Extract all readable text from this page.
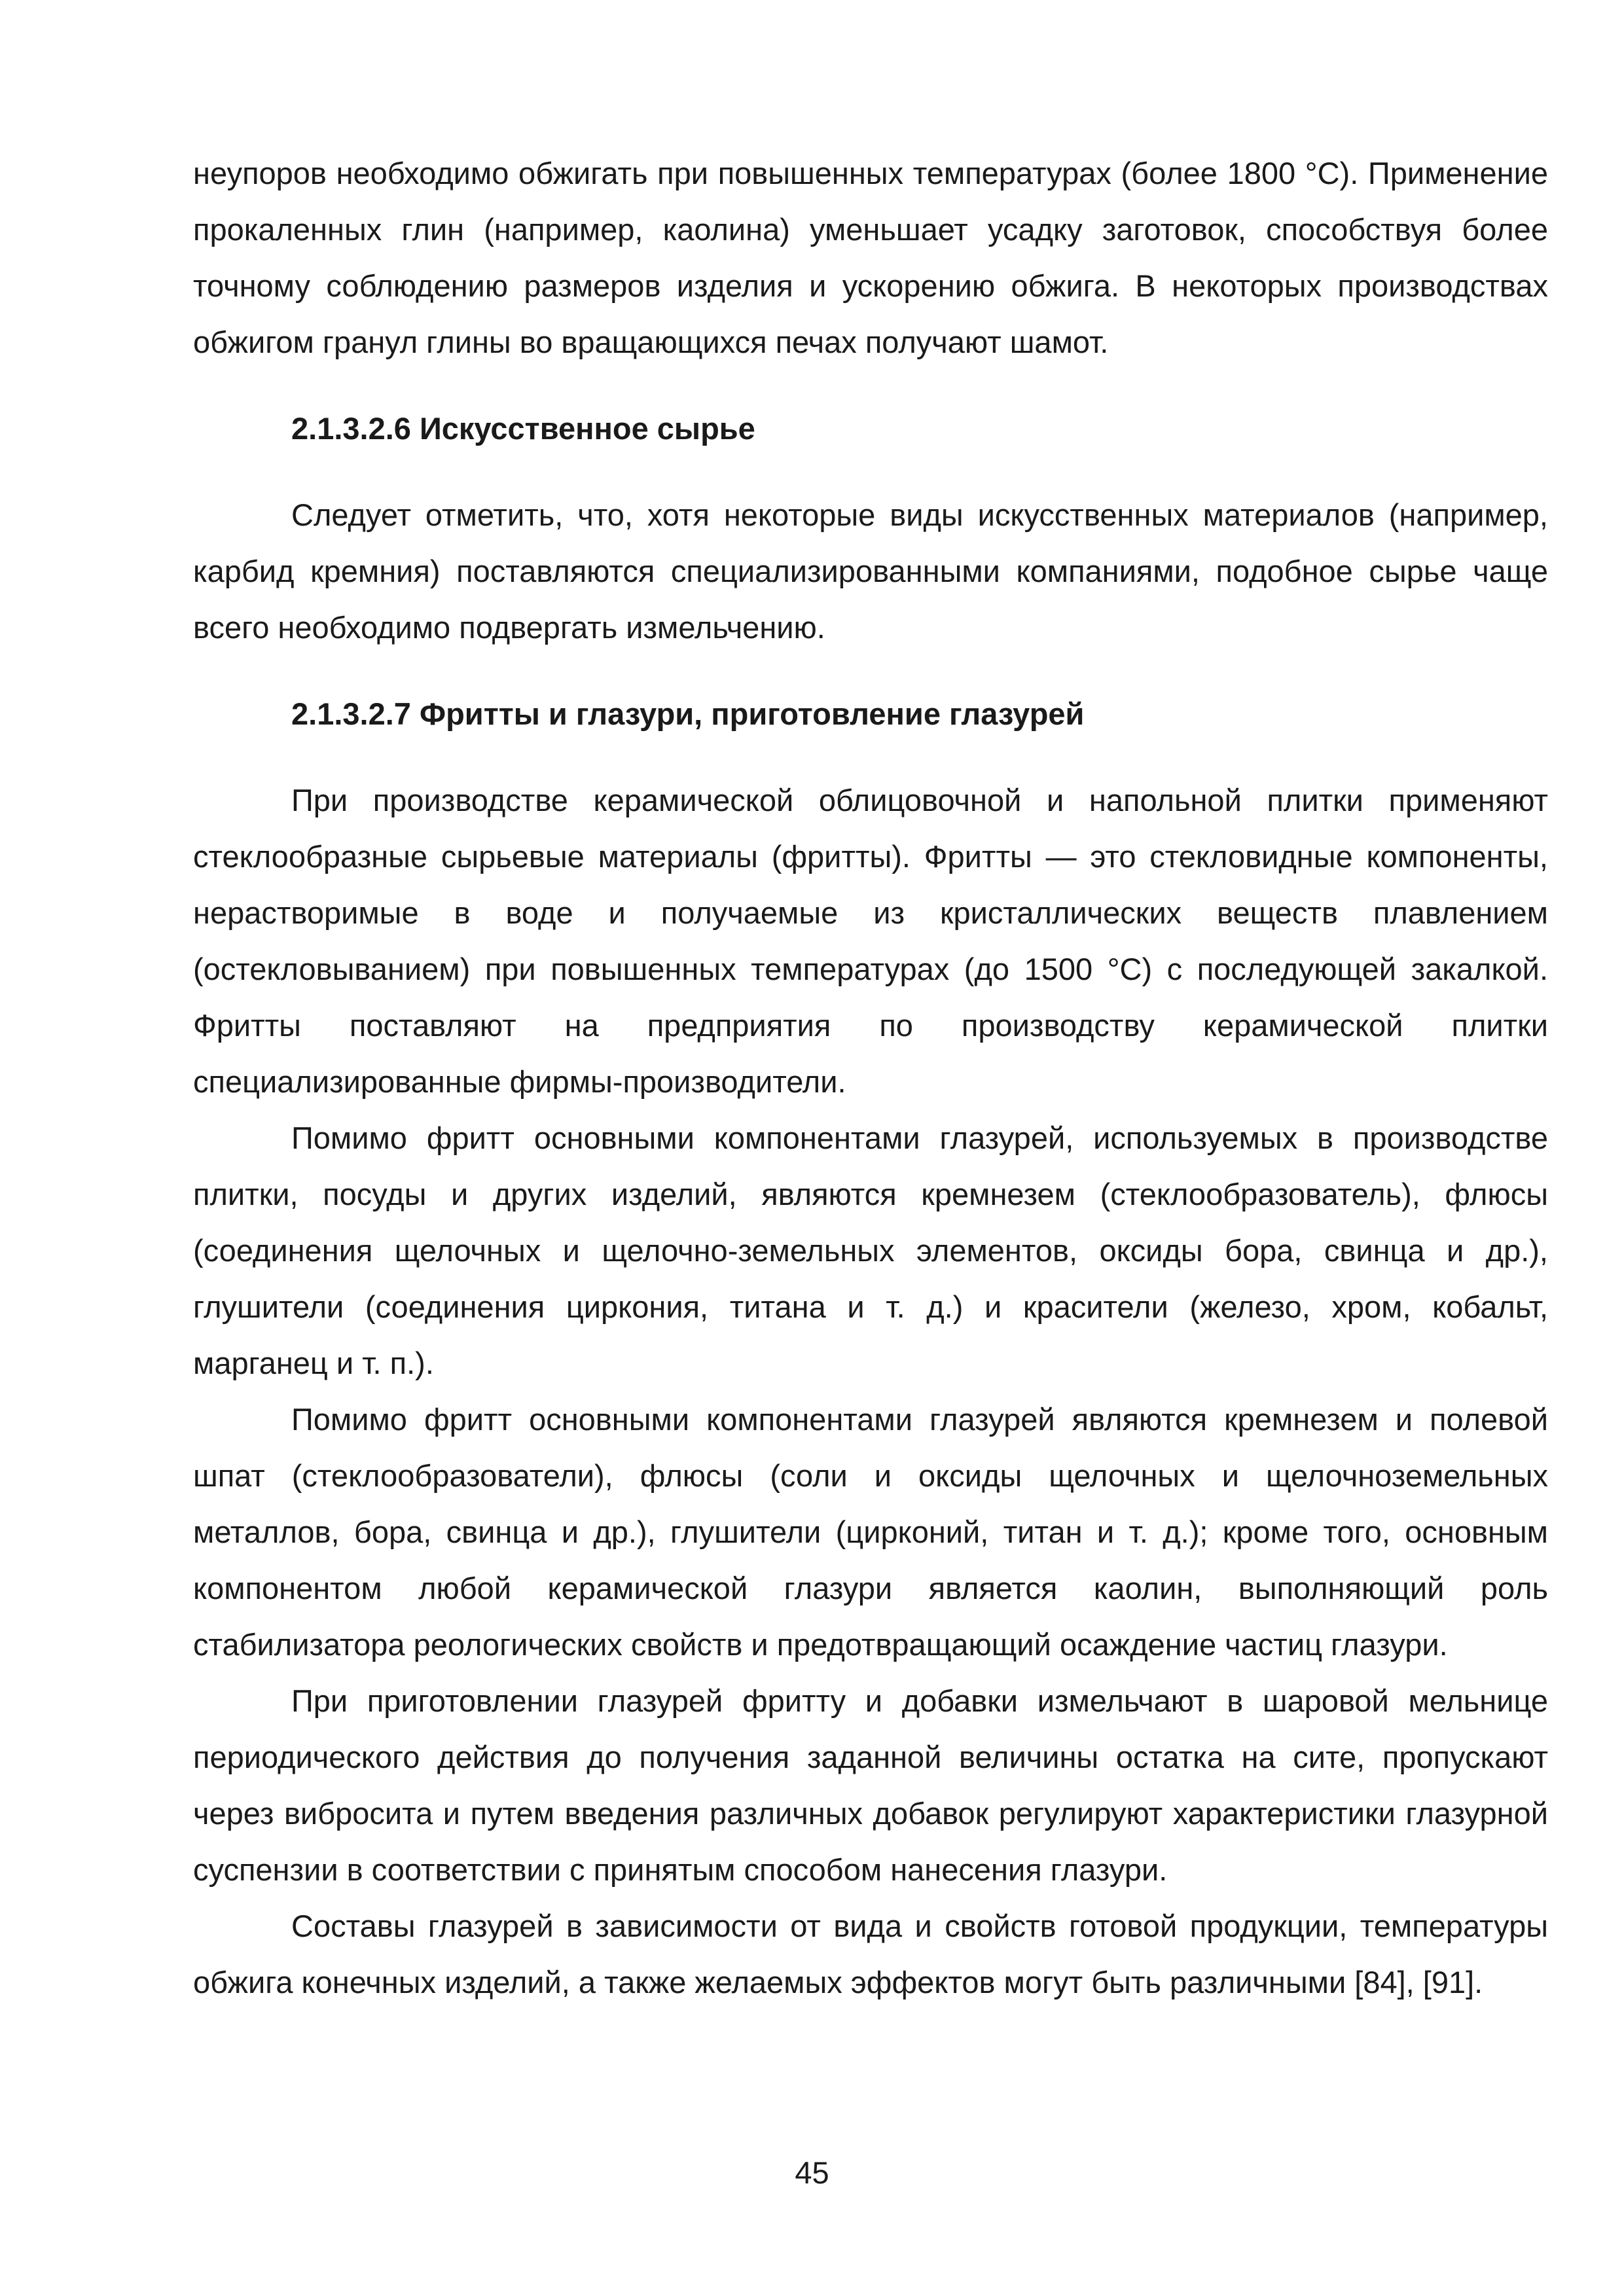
неупоров необходимо обжигать при повышенных температурах (более 1800 °С). Применение прокаленных глин (например, каолина) уменьшает усадку заготовок, способствуя более точному соблюдению размеров изделия и ускорению обжига. В некоторых производствах обжигом гранул глины во вращающихся печах получают шамот.

2.1.3.2.6 Искусственное сырье

Следует отметить, что, хотя некоторые виды искусственных материалов (например, карбид кремния) поставляются специализированными компаниями, подобное сырье чаще всего необходимо подвергать измельчению.

2.1.3.2.7 Фритты и глазури, приготовление глазурей

При производстве керамической облицовочной и напольной плитки применяют стеклообразные сырьевые материалы (фритты). Фритты — это стекловидные компоненты, нерастворимые в воде и получаемые из кристаллических веществ плавлением (остекловыванием) при повышенных температурах (до 1500 °С) с последующей закалкой. Фритты поставляют на предприятия по производству керамической плитки специализированные фирмы-производители.

Помимо фритт основными компонентами глазурей, используемых в производстве плитки, посуды и других изделий, являются кремнезем (стеклообразователь), флюсы (соединения щелочных и щелочно-земельных элементов, оксиды бора, свинца и др.), глушители (соединения циркония, титана и т. д.) и красители (железо, хром, кобальт, марганец и т. п.).

Помимо фритт основными компонентами глазурей являются кремнезем и полевой шпат (стеклообразователи), флюсы (соли и оксиды щелочных и щелочноземельных металлов, бора, свинца и др.), глушители (цирконий, титан и т. д.); кроме того, основным компонентом любой керамической глазури является каолин, выполняющий роль стабилизатора реологических свойств и предотвращающий осаждение частиц глазури.

При приготовлении глазурей фритту и добавки измельчают в шаровой мельнице периодического действия до получения заданной величины остатка на сите, пропускают через вибросита и путем введения различных добавок регулируют характеристики глазурной суспензии в соответствии с принятым способом нанесения глазури.

Составы глазурей в зависимости от вида и свойств готовой продукции, температуры обжига конечных изделий, а также желаемых эффектов могут быть различными [84], [91].

45
